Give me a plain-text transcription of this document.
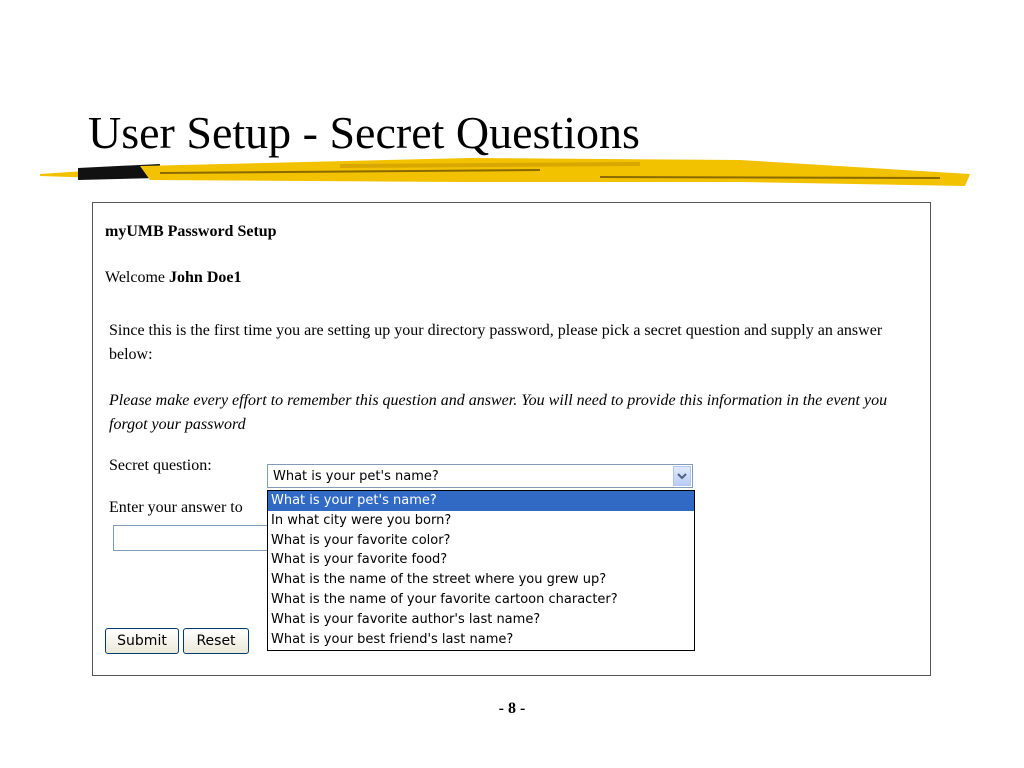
User Setup - Secret Questions
myUMB Password Setup
Welcome John Doe1
Since this is the first time you are setting up your directory password, please pick a secret question and supply an answer below:
Please make every effort to remember this question and answer. You will need to provide this information in the event you forgot your password
Secret question:
Enter your answer to
What is your pet's name?
What is your pet's name?
In what city were you born?
What is your favorite color?
What is your favorite food?
What is the name of the street where you grew up?
What is the name of your favorite cartoon character?
What is your favorite author's last name?
What is your best friend's last name?
Submit	Reset
- 8 -
